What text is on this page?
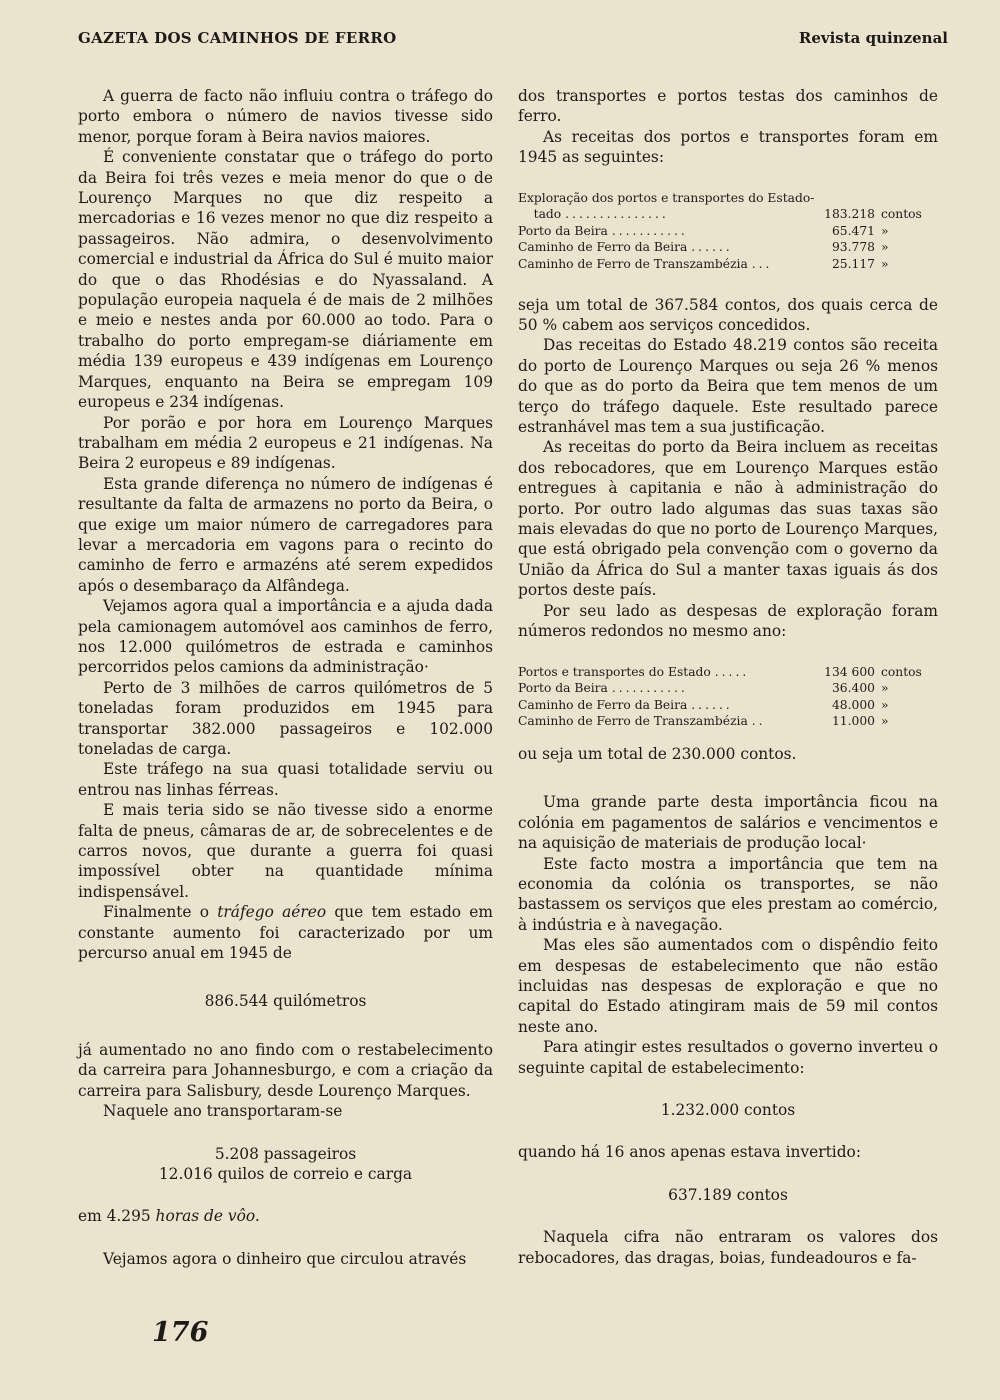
GAZETA DOS CAMINHOS DE FERRO	Revista quinzenal

A guerra de facto não influiu contra o tráfego do porto embora o número de navios tivesse sido menor, porque foram à Beira navios maiores.

É conveniente constatar que o tráfego do porto da Beira foi três vezes e meia menor do que o de Lourenço Marques no que diz respeito a mercadorias e 16 vezes menor no que diz respeito a passageiros. Não admira, o desenvolvimento comercial e industrial da África do Sul é muito maior do que o das Rhodésias e do Nyassaland. A população europeia naquela é de mais de 2 milhões e meio e nestes anda por 60.000 ao todo. Para o trabalho do porto empregam-se diáriamente em média 139 europeus e 439 indígenas em Lourenço Marques, enquanto na Beira se empregam 109 europeus e 234 indígenas.

Por porão e por hora em Lourenço Marques trabalham em média 2 europeus e 21 indígenas. Na Beira 2 europeus e 89 indígenas.

Esta grande diferença no número de indígenas é resultante da falta de armazens no porto da Beira, o que exige um maior número de carregadores para levar a mercadoria em vagons para o recinto do caminho de ferro e armazéns até serem expedidos após o desembaraço da Alfândega.

Vejamos agora qual a importância e a ajuda dada pela camionagem automóvel aos caminhos de ferro, nos 12.000 quilómetros de estrada e caminhos percorridos pelos camions da administração·

Perto de 3 milhões de carros quilómetros de 5 toneladas foram produzidos em 1945 para transportar 382.000 passageiros e 102.000 toneladas de carga.

Este tráfego na sua quasi totalidade serviu ou entrou nas linhas férreas.

E mais teria sido se não tivesse sido a enorme falta de pneus, câmaras de ar, de sobrecelentes e de carros novos, que durante a guerra foi quasi impossível obter na quantidade mínima indispensável.

Finalmente o tráfego aéreo que tem estado em constante aumento foi caracterizado por um percurso anual em 1945 de

886.544 quilómetros

já aumentado no ano findo com o restabelecimento da carreira para Johannesburgo, e com a criação da carreira para Salisbury, desde Lourenço Marques.

Naquele ano transportaram-se

5.208 passageiros

12.016 quilos de correio e carga

em 4.295 horas de vôo.

Vejamos agora o dinheiro que circulou através

dos transportes e portos testas dos caminhos de ferro.

As receitas dos portos e transportes foram em 1945 as seguintes:

Exploração dos portos e transportes do Estado-		
tado ...............	183.218	contos
Porto da Beira ...........	65.471	»
Caminho de Ferro da Beira ......	93.778	»
Caminho de Ferro de Transzambézia ...	25.117	»

seja um total de 367.584 contos, dos quais cerca de 50 % cabem aos serviços concedidos.

Das receitas do Estado 48.219 contos são receita do porto de Lourenço Marques ou seja 26 % menos do que as do porto da Beira que tem menos de um terço do tráfego daquele. Este resultado parece estranhável mas tem a sua justificação.

As receitas do porto da Beira incluem as receitas dos rebocadores, que em Lourenço Marques estão entregues à capitania e não à administração do porto. Por outro lado algumas das suas taxas são mais elevadas do que no porto de Lourenço Marques, que está obrigado pela convenção com o governo da União da África do Sul a manter taxas iguais ás dos portos deste país.

Por seu lado as despesas de exploração foram números redondos no mesmo ano:

Portos e transportes do Estado .....	134 600	contos
Porto da Beira ...........	36.400	»
Caminho de Ferro da Beira ......	48.000	»
Caminho de Ferro de Transzambézia ..	11.000	»

ou seja um total de 230.000 contos.

Uma grande parte desta importância ficou na colónia em pagamentos de salários e vencimentos e na aquisição de materiais de produção local·

Este facto mostra a importância que tem na economia da colónia os transportes, se não bastassem os serviços que eles prestam ao comércio, à indústria e à navegação.

Mas eles são aumentados com o dispêndio feito em despesas de estabelecimento que não estão incluidas nas despesas de exploração e que no capital do Estado atingiram mais de 59 mil contos neste ano.

Para atingir estes resultados o governo inverteu o seguinte capital de estabelecimento:

1.232.000 contos

quando há 16 anos apenas estava invertido:

637.189 contos

Naquela cifra não entraram os valores dos rebocadores, das dragas, boias, fundeadouros e fa-

176
